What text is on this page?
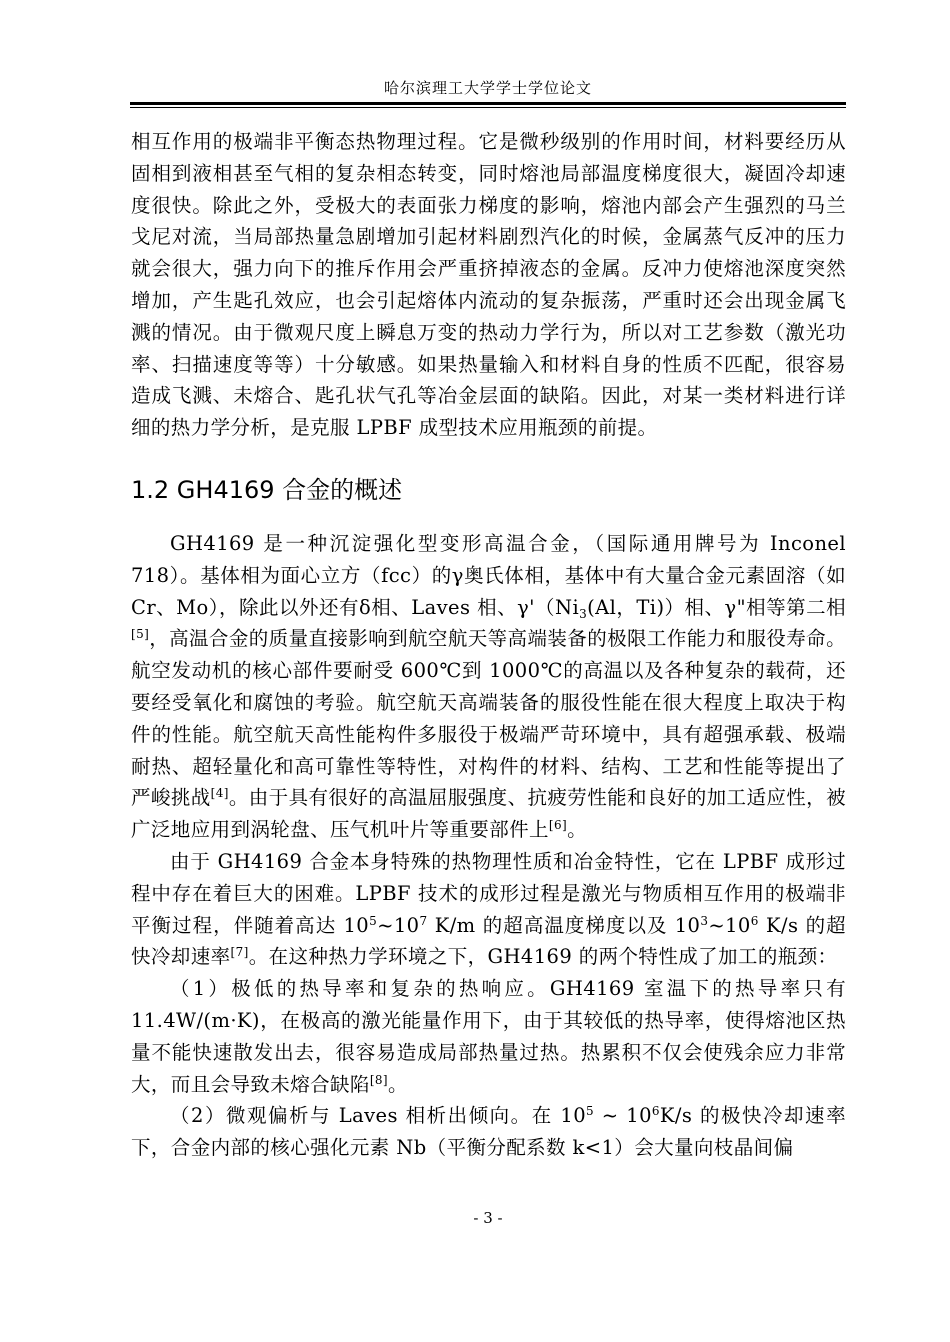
哈尔滨理工大学学士学位论文

相互作用的极端非平衡态热物理过程。它是微秒级别的作用时间，材料要经历从固相到液相甚至气相的复杂相态转变，同时熔池局部温度梯度很大，凝固冷却速度很快。除此之外，受极大的表面张力梯度的影响，熔池内部会产生强烈的马兰戈尼对流，当局部热量急剧增加引起材料剧烈汽化的时候，金属蒸气反冲的压力就会很大，强力向下的推斥作用会严重挤掉液态的金属。反冲力使熔池深度突然增加，产生匙孔效应，也会引起熔体内流动的复杂振荡，严重时还会出现金属飞溅的情况。由于微观尺度上瞬息万变的热动力学行为，所以对工艺参数（激光功率、扫描速度等等）十分敏感。如果热量输入和材料自身的性质不匹配，很容易造成飞溅、未熔合、匙孔状气孔等冶金层面的缺陷。因此，对某一类材料进行详细的热力学分析，是克服 LPBF 成型技术应用瓶颈的前提。

1.2 GH4169 合金的概述

GH4169 是一种沉淀强化型变形高温合金，（国际通用牌号为 Inconel 718）。基体相为面心立方（fcc）的γ奥氏体相，基体中有大量合金元素固溶（如 Cr、Mo），除此以外还有δ相、Laves 相、$\gamma'(Ni_3(Al$，Ti)）相、γ"相等第二相[5]，高温合金的质量直接影响到航空航天等高端装备的极限工作能力和服役寿命。航空发动机的核心部件要耐受 600℃到 1000℃的高温以及各种复杂的载荷，还要经受氧化和腐蚀的考验。航空航天高端装备的服役性能在很大程度上取决于构件的性能。航空航天高性能构件多服役于极端严苛环境中，具有超强承载、极端耐热、超轻量化和高可靠性等特性，对构件的材料、结构、工艺和性能等提出了严峻挑战[4]。由于具有很好的高温屈服强度、抗疲劳性能和良好的加工适应性，被广泛地应用到涡轮盘、压气机叶片等重要部件上[6]。

由于 GH4169 合金本身特殊的热物理性质和冶金特性，它在 LPBF 成形过程中存在着巨大的困难。LPBF 技术的成形过程是激光与物质相互作用的极端非平衡过程，伴随着高达 $10^5\sim 10^7$ K/m 的超高温度梯度以及 $10^3\sim 10^6$ K/s 的超快冷却速率[7]。在这种热力学环境之下，GH4169 的两个特性成了加工的瓶颈：

（1）极低的热导率和复杂的热响应。GH4169 室温下的热导率只有 11.4W/(m·K)，在极高的激光能量作用下，由于其较低的热导率，使得熔池区热量不能快速散发出去，很容易造成局部热量过热。热累积不仅会使残余应力非常大，而且会导致未熔合缺陷[8]。

（2）微观偏析与 Laves 相析出倾向。在 $10^5$ ~ $10^6K/s$ 的极快冷却速率下，合金内部的核心强化元素 Nb（平衡分配系数 k<1）会大量向枝晶间偏

- 3 -
